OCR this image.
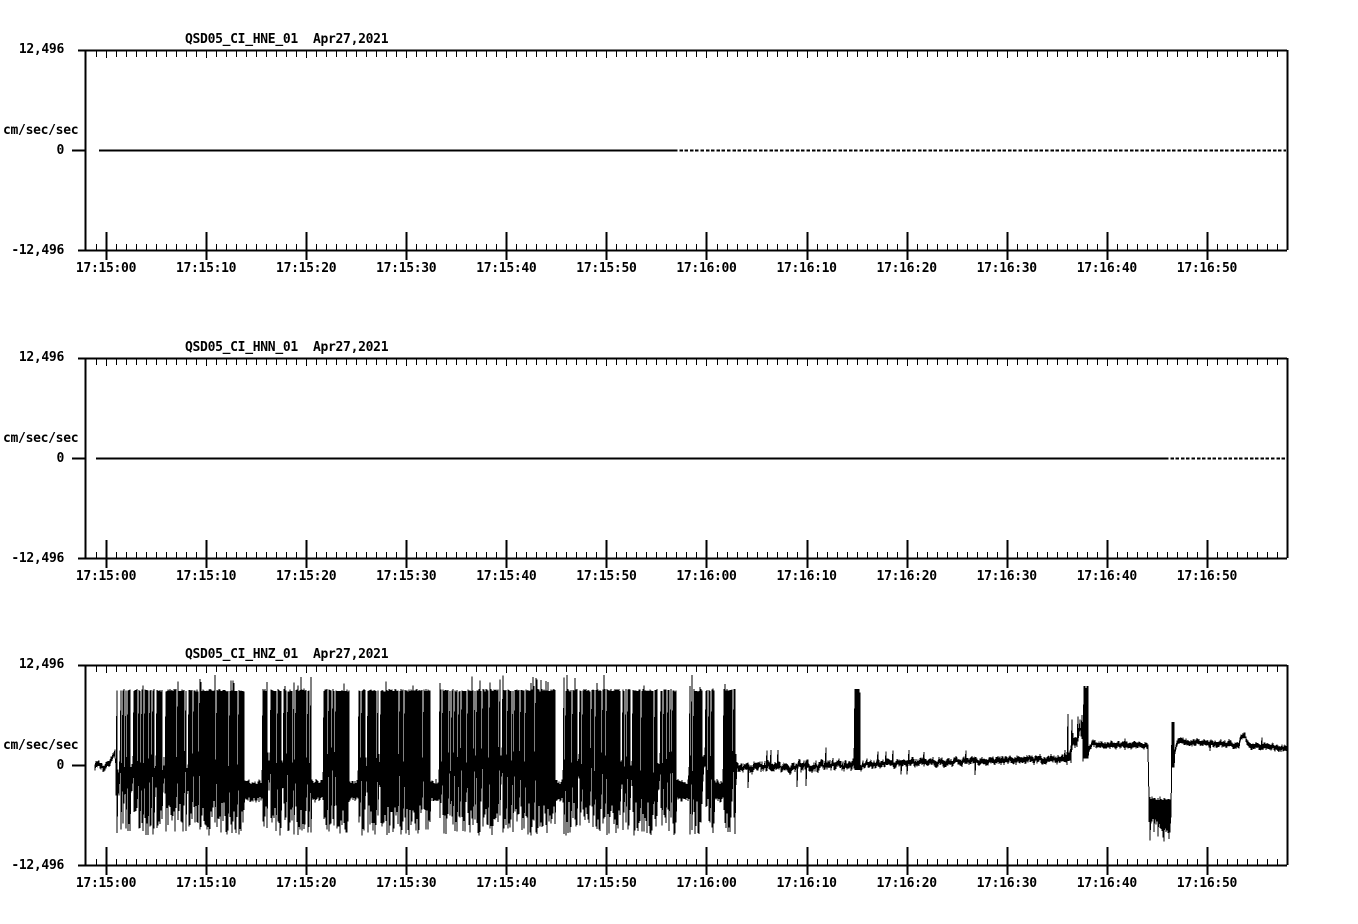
QSD05_CI_HNE_01  Apr27,2021
12,496
cm/sec/sec
0
-12,496
17:15:00	17:15:10	17:15:20	17:15:30	17:15:40	17:15:50	17:16:00	17:16:10	17:16:20	17:16:30	17:16:40	17:16:50
QSD05_CI_HNN_01  Apr27,2021
12,496
cm/sec/sec
0
-12,496
17:15:00	17:15:10	17:15:20	17:15:30	17:15:40	17:15:50	17:16:00	17:16:10	17:16:20	17:16:30	17:16:40	17:16:50
QSD05_CI_HNZ_01  Apr27,2021
12,496
cm/sec/sec
0
-12,496
17:15:00	17:15:10	17:15:20	17:15:30	17:15:40	17:15:50	17:16:00	17:16:10	17:16:20	17:16:30	17:16:40	17:16:50
